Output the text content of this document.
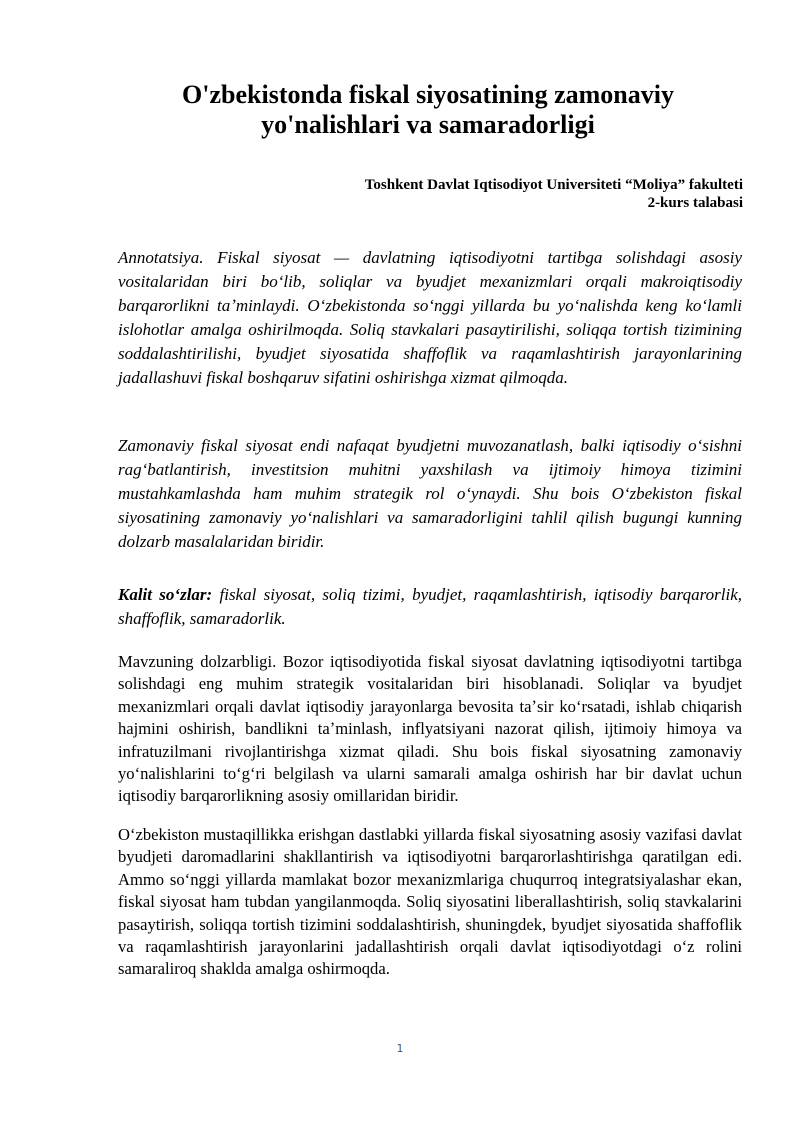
O'zbekistonda fiskal siyosatining zamonaviy
yo'nalishlari va samaradorligi
Toshkent Davlat Iqtisodiyot Universiteti “Moliya” fakulteti
2-kurs talabasi

Annotatsiya. Fiskal siyosat — davlatning iqtisodiyotni tartibga solishdagi asosiy vositalaridan biri boʻlib, soliqlar va byudjet mexanizmlari orqali makroiqtisodiy barqarorlikni taʼminlaydi. Oʻzbekistonda soʻnggi yillarda bu yoʻnalishda keng koʻlamli islohotlar amalga oshirilmoqda. Soliq stavkalari pasaytirilishi, soliqqa tortish tizimining soddalashtirilishi, byudjet siyosatida shaffoflik va raqamlashtirish jarayonlarining jadallashuvi fiskal boshqaruv sifatini oshirishga xizmat qilmoqda.

Zamonaviy fiskal siyosat endi nafaqat byudjetni muvozanatlash, balki iqtisodiy oʻsishni ragʻbatlantirish, investitsion muhitni yaxshilash va ijtimoiy himoya tizimini mustahkamlashda ham muhim strategik rol oʻynaydi. Shu bois Oʻzbekiston fiskal siyosatining zamonaviy yoʻnalishlari va samaradorligini tahlil qilish bugungi kunning dolzarb masalalaridan biridir.

Kalit soʻzlar: fiskal siyosat, soliq tizimi, byudjet, raqamlashtirish, iqtisodiy barqarorlik, shaffoflik, samaradorlik.

Mavzuning dolzarbligi. Bozor iqtisodiyotida fiskal siyosat davlatning iqtisodiyotni tartibga solishdagi eng muhim strategik vositalaridan biri hisoblanadi. Soliqlar va byudjet mexanizmlari orqali davlat iqtisodiy jarayonlarga bevosita taʼsir koʻrsatadi, ishlab chiqarish hajmini oshirish, bandlikni taʼminlash, inflyatsiyani nazorat qilish, ijtimoiy himoya va infratuzilmani rivojlantirishga xizmat qiladi. Shu bois fiskal siyosatning zamonaviy yoʻnalishlarini toʻgʻri belgilash va ularni samarali amalga oshirish har bir davlat uchun iqtisodiy barqarorlikning asosiy omillaridan biridir.

Oʻzbekiston mustaqillikka erishgan dastlabki yillarda fiskal siyosatning asosiy vazifasi davlat byudjeti daromadlarini shakllantirish va iqtisodiyotni barqarorlashtirishga qaratilgan edi. Ammo soʻnggi yillarda mamlakat bozor mexanizmlariga chuqurroq integratsiyalashar ekan, fiskal siyosat ham tubdan yangilanmoqda. Soliq siyosatini liberallashtirish, soliq stavkalarini pasaytirish, soliqqa tortish tizimini soddalashtirish, shuningdek, byudjet siyosatida shaffoflik va raqamlashtirish jarayonlarini jadallashtirish orqali davlat iqtisodiyotdagi oʻz rolini samaraliroq shaklda amalga oshirmoqda.

1
